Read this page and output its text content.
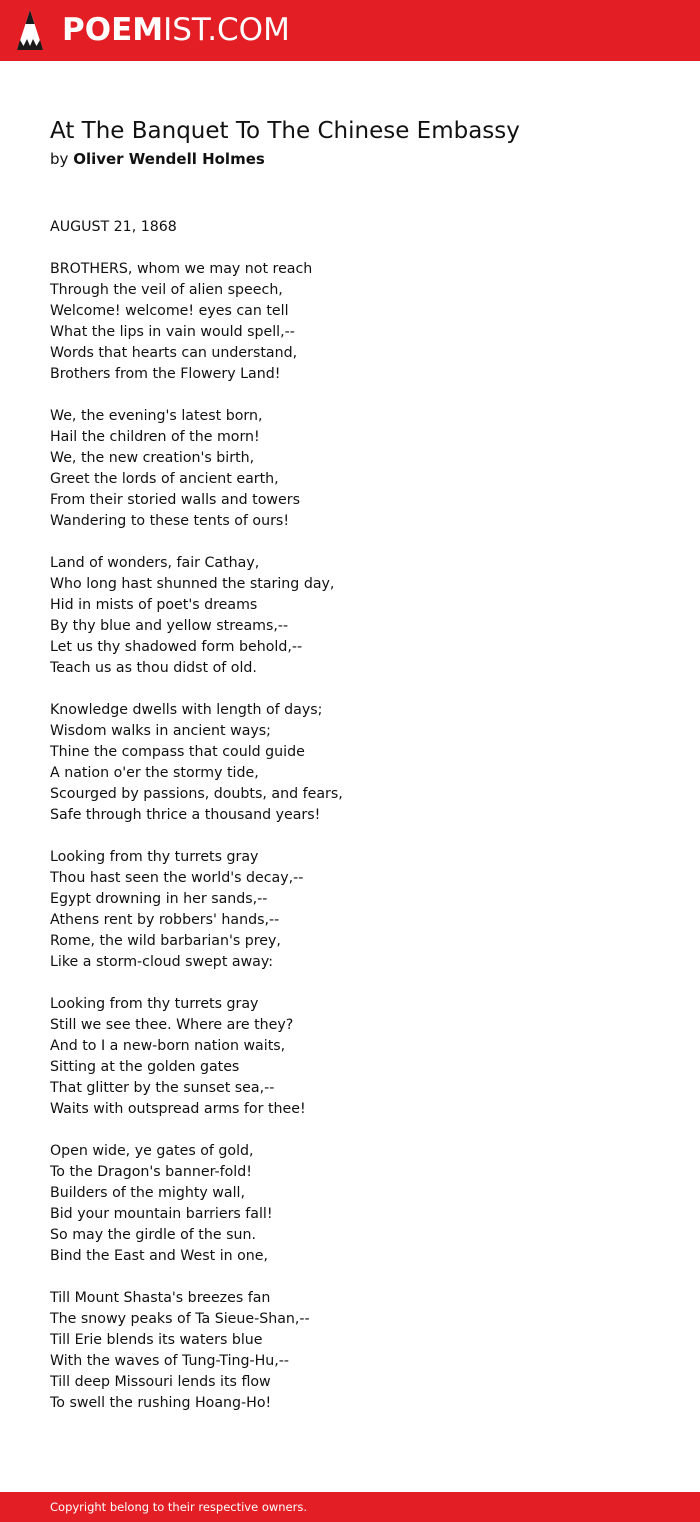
POEMIST.COM
At The Banquet To The Chinese Embassy
by Oliver Wendell Holmes
AUGUST 21, 1868
BROTHERS, whom we may not reach
Through the veil of alien speech,
Welcome! welcome! eyes can tell
What the lips in vain would spell,--
Words that hearts can understand,
Brothers from the Flowery Land!
We, the evening's latest born,
Hail the children of the morn!
We, the new creation's birth,
Greet the lords of ancient earth,
From their storied walls and towers
Wandering to these tents of ours!
Land of wonders, fair Cathay,
Who long hast shunned the staring day,
Hid in mists of poet's dreams
By thy blue and yellow streams,--
Let us thy shadowed form behold,--
Teach us as thou didst of old.
Knowledge dwells with length of days;
Wisdom walks in ancient ways;
Thine the compass that could guide
A nation o'er the stormy tide,
Scourged by passions, doubts, and fears,
Safe through thrice a thousand years!
Looking from thy turrets gray
Thou hast seen the world's decay,--
Egypt drowning in her sands,--
Athens rent by robbers' hands,--
Rome, the wild barbarian's prey,
Like a storm-cloud swept away:
Looking from thy turrets gray
Still we see thee. Where are they?
And to I a new-born nation waits,
Sitting at the golden gates
That glitter by the sunset sea,--
Waits with outspread arms for thee!
Open wide, ye gates of gold,
To the Dragon's banner-fold!
Builders of the mighty wall,
Bid your mountain barriers fall!
So may the girdle of the sun.
Bind the East and West in one,
Till Mount Shasta's breezes fan
The snowy peaks of Ta Sieue-Shan,--
Till Erie blends its waters blue
With the waves of Tung-Ting-Hu,--
Till deep Missouri lends its flow
To swell the rushing Hoang-Ho!
Copyright belong to their respective owners.
